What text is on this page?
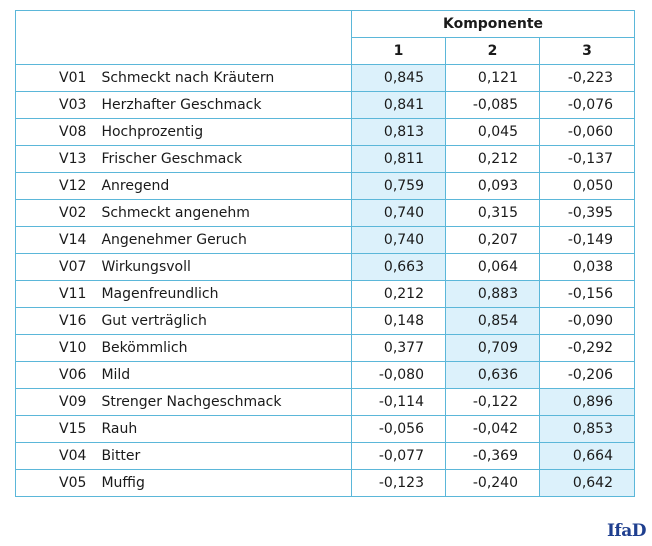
	Komponente		
	1	2	3
V01 Schmeckt nach Kräutern	0,845	0,121	-0,223
V03 Herzhafter Geschmack	0,841	-0,085	-0,076
V08 Hochprozentig	0,813	0,045	-0,060
V13 Frischer Geschmack	0,811	0,212	-0,137
V12 Anregend	0,759	0,093	0,050
V02 Schmeckt angenehm	0,740	0,315	-0,395
V14 Angenehmer Geruch	0,740	0,207	-0,149
V07 Wirkungsvoll	0,663	0,064	0,038
V11 Magenfreundlich	0,212	0,883	-0,156
V16 Gut verträglich	0,148	0,854	-0,090
V10 Bekömmlich	0,377	0,709	-0,292
V06 Mild	-0,080	0,636	-0,206
V09 Strenger Nachgeschmack	-0,114	-0,122	0,896
V15 Rauh	-0,056	-0,042	0,853
V04 Bitter	-0,077	-0,369	0,664
V05 Muffig	-0,123	-0,240	0,642
IfaD
